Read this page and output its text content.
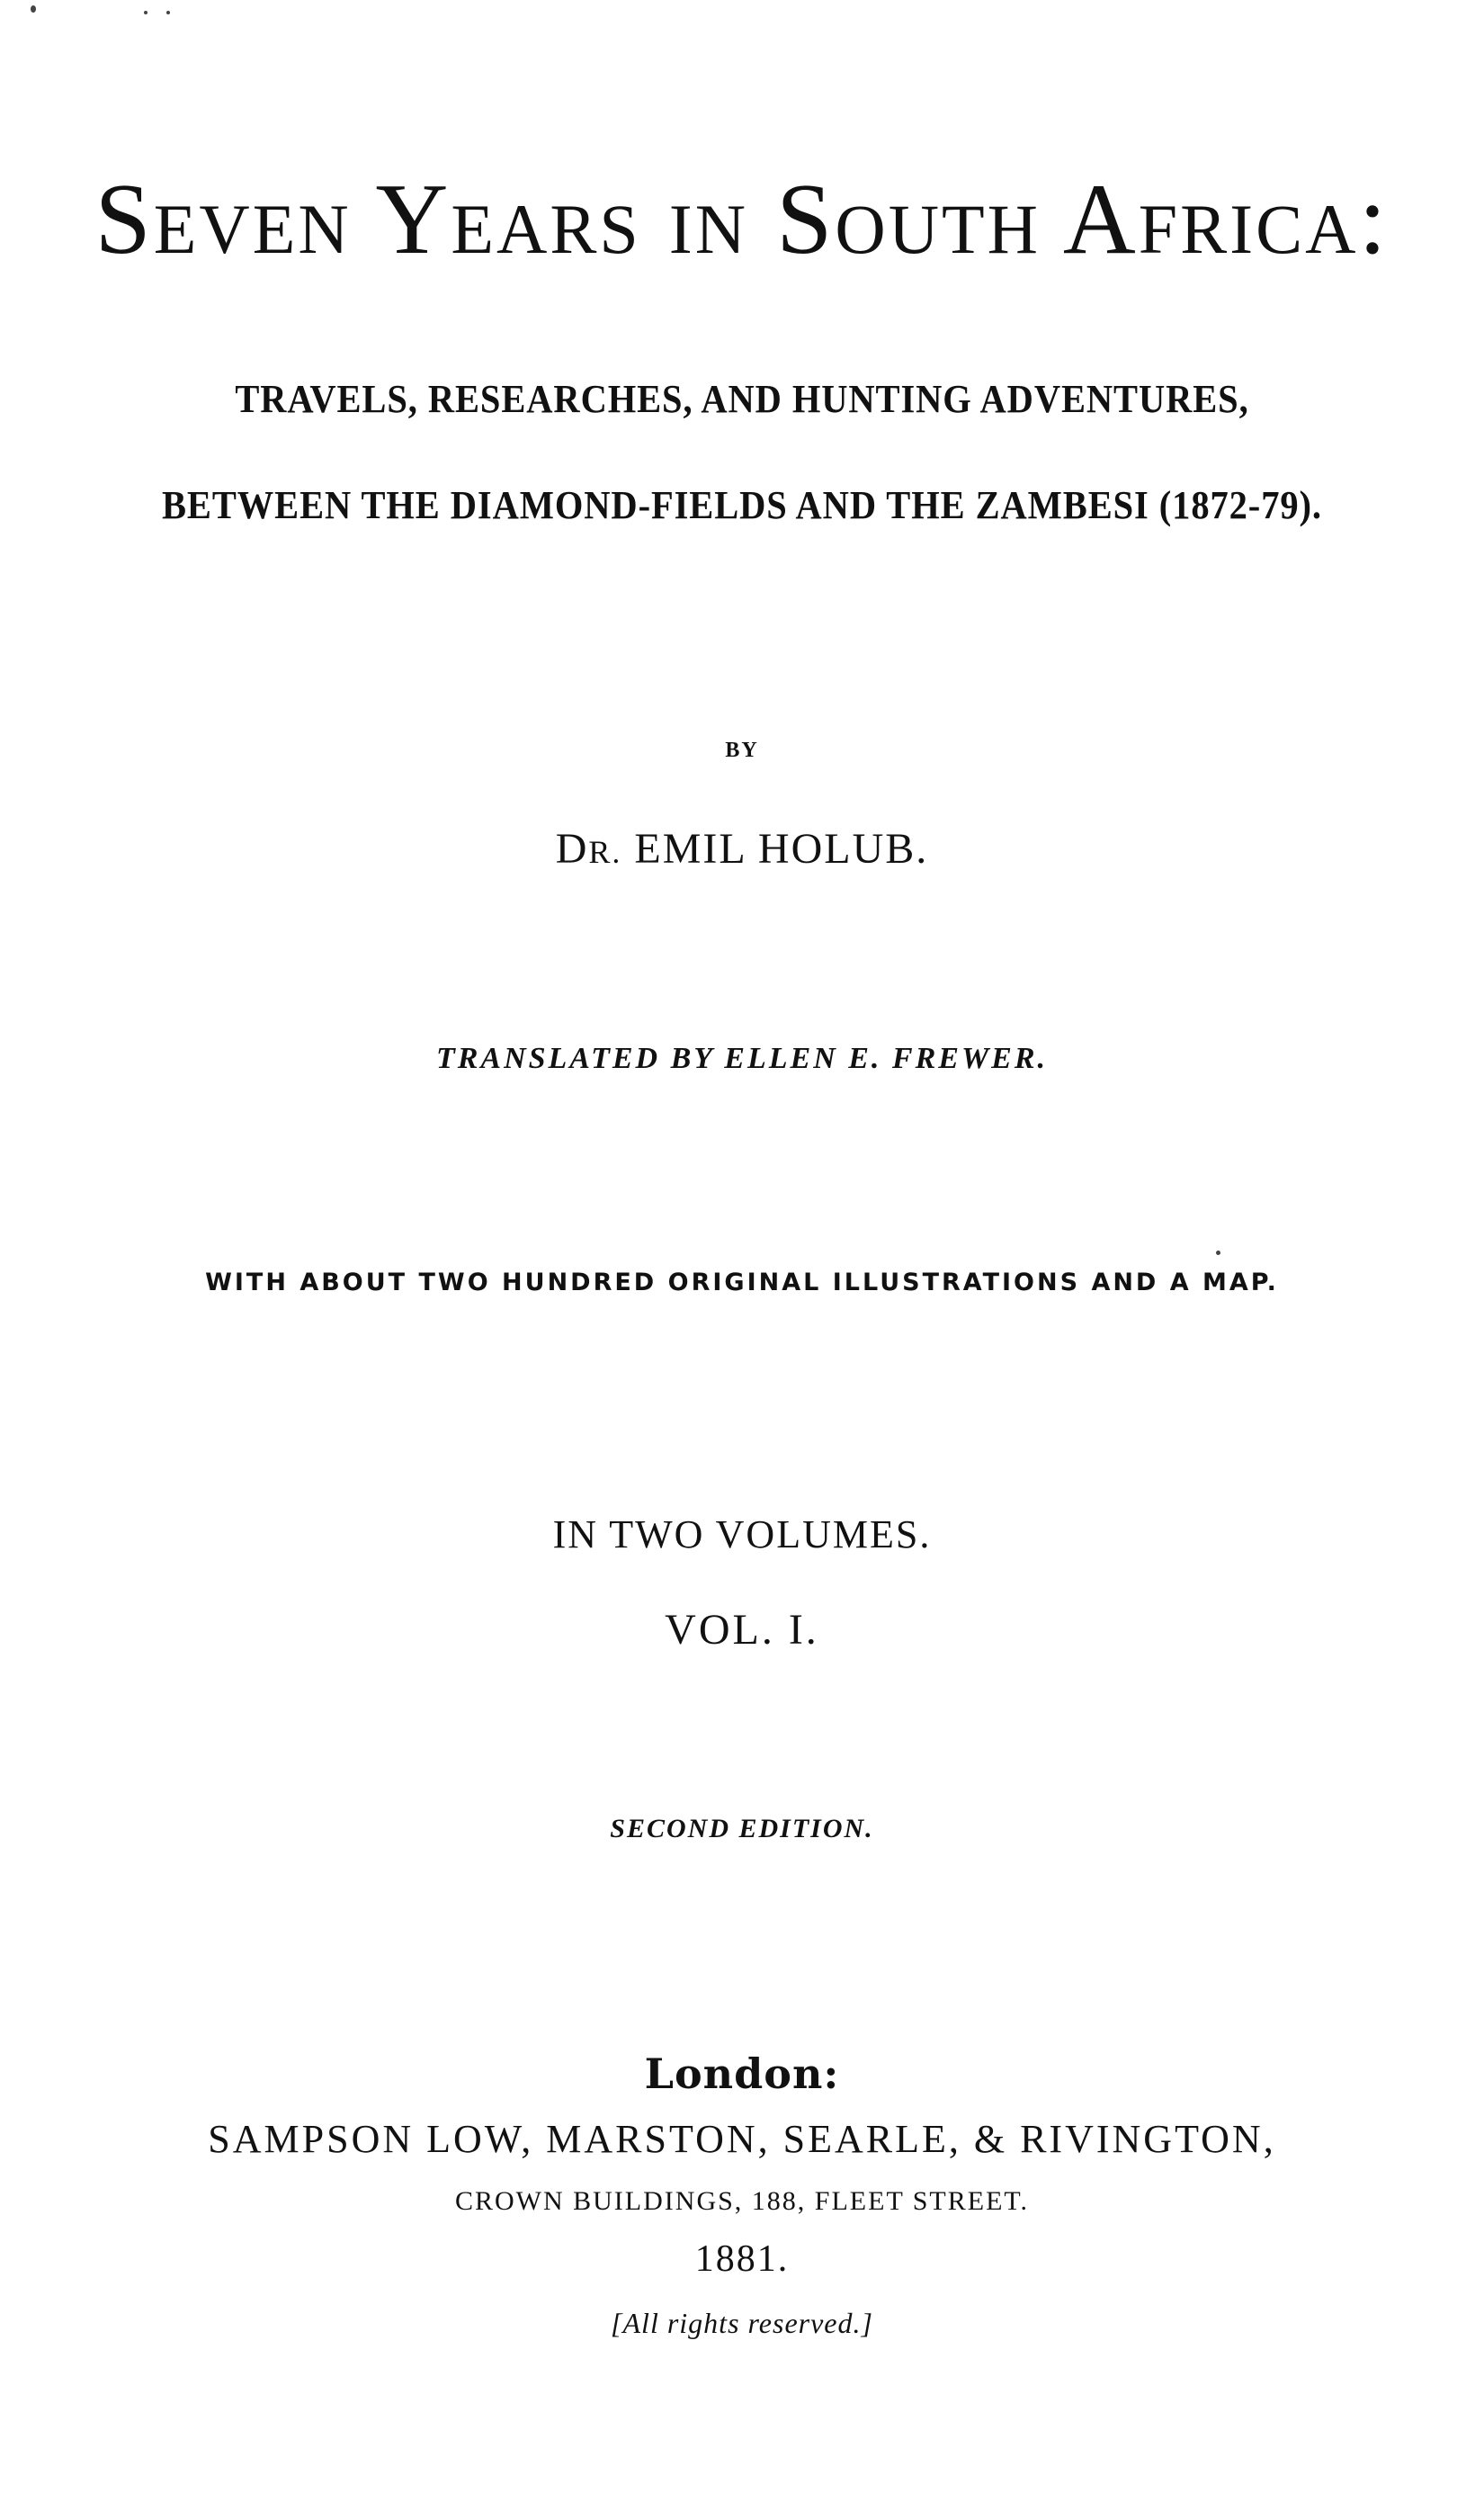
Seven Years in South Africa:
TRAVELS, RESEARCHES, AND HUNTING ADVENTURES,
BETWEEN THE DIAMOND-FIELDS AND THE ZAMBESI (1872-79).
BY
DR. EMIL HOLUB.
TRANSLATED BY ELLEN E. FREWER.
WITH ABOUT TWO HUNDRED ORIGINAL ILLUSTRATIONS AND A MAP.
IN TWO VOLUMES.
VOL. I.
SECOND EDITION.
London:
SAMPSON LOW, MARSTON, SEARLE, & RIVINGTON,
CROWN BUILDINGS, 188, FLEET STREET.
1881.
[All rights reserved.]
